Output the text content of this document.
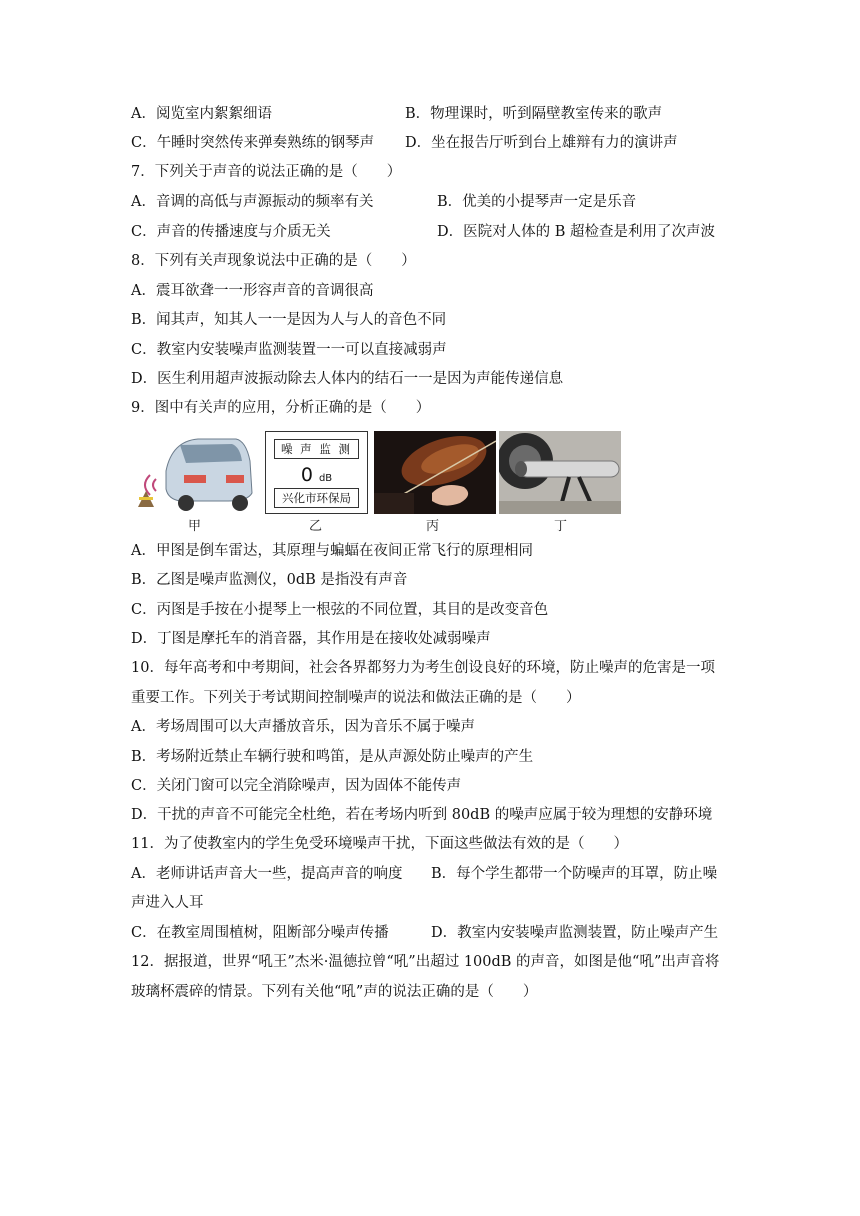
A．阅览室内絮絮细语	B．物理课时，听到隔壁教室传来的歌声
C．午睡时突然传来弹奏熟练的钢琴声 D．坐在报告厅听到台上雄辩有力的演讲声
7．下列关于声音的说法正确的是（　　）
A．音调的高低与声源振动的频率有关	B．优美的小提琴声一定是乐音
C．声音的传播速度与介质无关	D．医院对人体的 B 超检查是利用了次声波
8．下列有关声现象说法中正确的是（　　）
A．震耳欲聋一一形容声音的音调很高
B．闻其声，知其人一一是因为人与人的音色不同
C．教室内安装噪声监测装置一一可以直接减弱声
D．医生利用超声波振动除去人体内的结石一一是因为声能传递信息
9．图中有关声的应用，分析正确的是（　　）
噪 声 监 测
0 dB
兴化市环保局
甲	乙	丙	丁
A．甲图是倒车雷达，其原理与蝙蝠在夜间正常飞行的原理相同
B．乙图是噪声监测仪，0dB 是指没有声音
C．丙图是手按在小提琴上一根弦的不同位置，其目的是改变音色
D．丁图是摩托车的消音器，其作用是在接收处减弱噪声
10．每年高考和中考期间，社会各界都努力为考生创设良好的环境，防止噪声的危害是一项
重要工作。下列关于考试期间控制噪声的说法和做法正确的是（　　）
A．考场周围可以大声播放音乐，因为音乐不属于噪声
B．考场附近禁止车辆行驶和鸣笛，是从声源处防止噪声的产生
C．关闭门窗可以完全消除噪声，因为固体不能传声
D．干扰的声音不可能完全杜绝，若在考场内听到 80dB 的噪声应属于较为理想的安静环境
11．为了使教室内的学生免受环境噪声干扰，下面这些做法有效的是（　　）
A．老师讲话声音大一些，提高声音的响度 B．每个学生都带一个防噪声的耳罩，防止噪
声进入人耳
C．在教室周围植树，阻断部分噪声传播	D．教室内安装噪声监测装置，防止噪声产生
12．据报道，世界“吼王”杰米·温德拉曾“吼”出超过 100dB 的声音，如图是他“吼”出声音将
玻璃杯震碎的情景。下列有关他“吼”声的说法正确的是（　　）
